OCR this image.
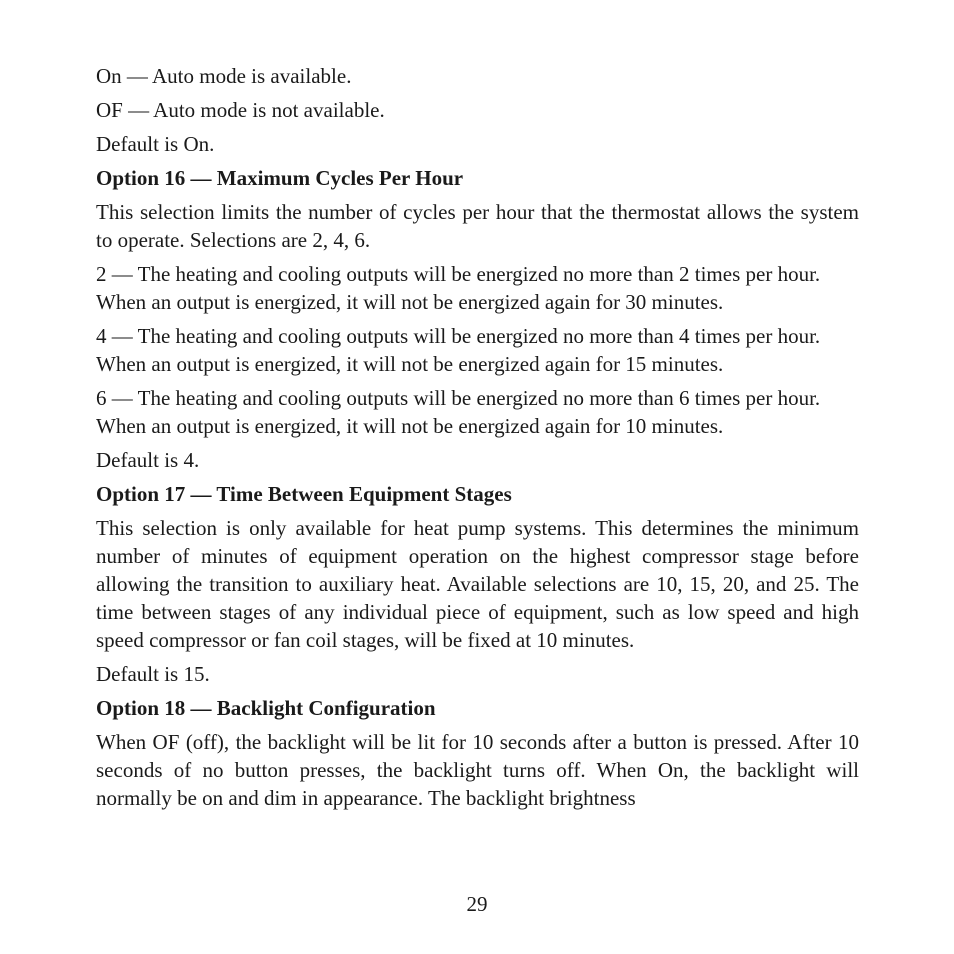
On — Auto mode is available.

OF — Auto mode is not available.

Default is On.

Option 16 — Maximum Cycles Per Hour

This selection limits the number of cycles per hour that the thermostat allows the system to operate. Selections are 2, 4, 6.

2 — The heating and cooling outputs will be energized no more than 2 times per hour. When an output is energized, it will not be energized again for 30 minutes.

4 — The heating and cooling outputs will be energized no more than 4 times per hour. When an output is energized, it will not be energized again for 15 minutes.

6 — The heating and cooling outputs will be energized no more than 6 times per hour. When an output is energized, it will not be energized again for 10 minutes.

Default is 4.

Option 17 — Time Between Equipment Stages

This selection is only available for heat pump systems. This determines the minimum number of minutes of equipment operation on the highest compressor stage before allowing the transition to auxiliary heat. Available selections are 10, 15, 20, and 25. The time between stages of any individual piece of equipment, such as low speed and high speed compressor or fan coil stages, will be fixed at 10 minutes.

Default is 15.

Option 18 — Backlight Configuration

When OF (off), the backlight will be lit for 10 seconds after a button is pressed. After 10 seconds of no button presses, the backlight turns off. When On, the backlight will normally be on and dim in appearance. The backlight brightness

29
